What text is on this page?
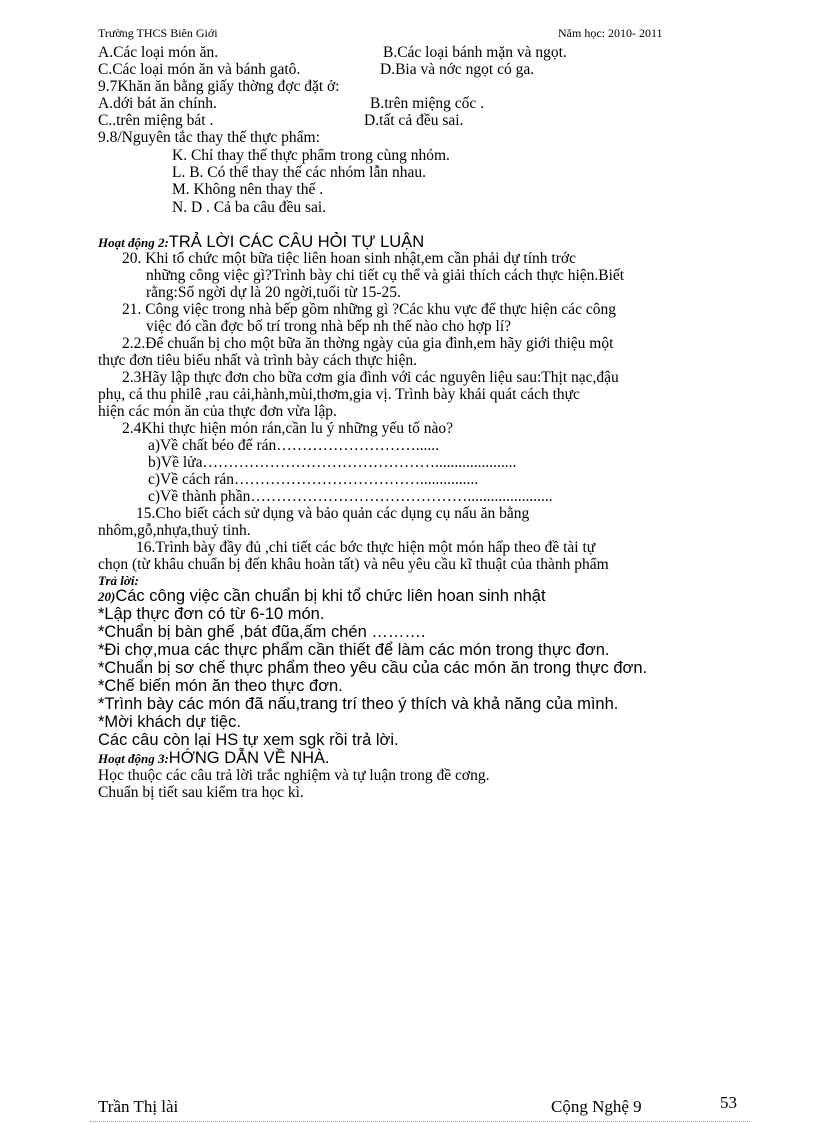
Trường THCS Biên Giới	Năm học: 2010- 2011
A.Các loại món ăn.	B.Các loại bánh mặn và ngọt.
C.Các loại món ăn và bánh gatô.	D.Bia và nớc ngọt có ga.
9.7Khăn ăn bằng giấy thờng đợc đặt ở:
A.dới bát ăn chính.	B.trên miệng cốc .
C..trên miệng bát .	D.tất cả đều sai.
9.8/Nguyên tắc thay thế thực phẩm:
K. Chỉ thay thế thực phẩm trong cùng nhóm.
L. B. Có thể thay thế các nhóm lẫn nhau.
M. Không nên thay thế .
N. D . Cả ba câu đều sai.
Hoạt động 2:TRẢ LỜI CÁC CÂU HỎI TỰ LUẬN
20. Khi tổ chức một bữa tiệc liên hoan sinh nhật,em cần phải dự tính trớc
những công việc gì?Trình bày chi tiết cụ thể và giải thích cách thực hiện.Biết
rằng:Số ngời dự là 20 ngời,tuổi từ 15-25.
21. Công việc trong nhà bếp gồm những gì ?Các khu vực để thực hiện các công
việc đó cần đợc bố trí trong nhà bếp nh thế nào cho hợp lí?
2.2.Để chuẩn bị cho một bữa ăn thờng ngày của gia đình,em hãy giới thiệu một
thực đơn tiêu biểu nhất và trình bày cách thực hiện.
2.3Hãy lập thực đơn cho bữa cơm gia đình với các nguyên liệu sau:Thịt nạc,đậu
phụ, cá thu philê ,rau cải,hành,mùi,thơm,gia vị. Trình bày khái quát cách thực
hiện các món ăn của thực đơn vừa lập.
2.4Khi thực hiện món rán,cần lu ý những yếu tố nào?
a)Về chất béo để rán………………………......
b)Về lửa……………………………………….....................
c)Về cách rán………………………………...............
c)Về thành phần……………………………………......................
15.Cho biết cách sử dụng và bảo quản các dụng cụ nấu ăn bằng
nhôm,gỗ,nhựa,thuỷ tinh.
16.Trình bày đầy đủ ,chi tiết các bớc thực hiện một món hấp theo đề tài tự
chọn (từ khâu chuẩn bị đến khâu hoàn tất) và nêu yêu cầu kĩ thuật của thành phẩm
Trả lời:
20)Các công việc cần chuẩn bị khi tổ chức liên hoan sinh nhật
*Lập thực đơn có từ 6-10 món.
*Chuẩn bị bàn ghế ,bát đũa,ấm chén ……….
*Đi chợ,mua các thực phẩm cần thiết để làm các món trong thực đơn.
*Chuẩn bị sơ chế thực phẩm theo yêu cầu của các món ăn trong thực đơn.
*Chế biến món ăn theo thực đơn.
*Trình bày các món đã nấu,trang trí theo ý thích và khả năng của mình.
*Mời khách dự tiệc.
Các câu còn lại HS tự xem sgk rồi trả lời.
Hoạt động 3:HỚNG DẪN VỀ NHÀ.
Học thuộc các câu trả lời trắc nghiệm và tự luận trong đề cơng.
Chuẩn bị tiết sau kiểm tra học kì.
Trần Thị lài	Cộng Nghệ 9	53
